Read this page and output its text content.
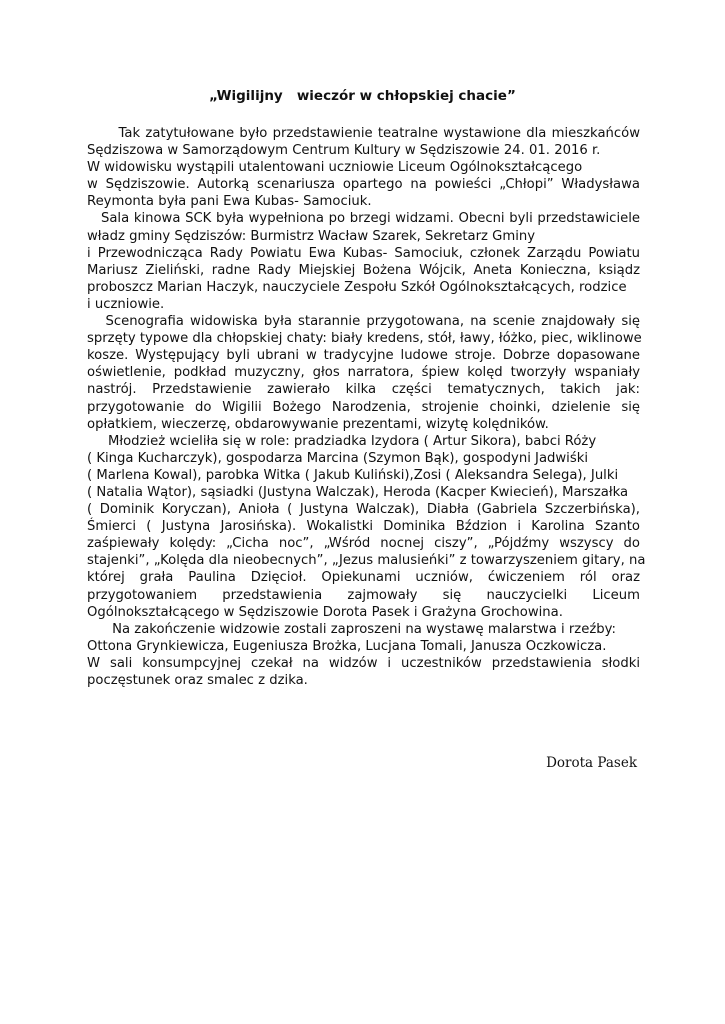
„Wigilijny   wieczór w chłopskiej chacie”
Tak zatytułowane było przedstawienie teatralne wystawione dla mieszkańców
Sędziszowa w Samorządowym Centrum Kultury w Sędziszowie 24. 01. 2016 r.
W widowisku wystąpili utalentowani uczniowie Liceum Ogólnokształcącego
w Sędziszowie. Autorką scenariusza opartego na powieści „Chłopi” Władysława
Reymonta była pani Ewa Kubas- Samociuk.
Sala kinowa SCK była wypełniona po brzegi widzami. Obecni byli przedstawiciele
władz gminy Sędziszów: Burmistrz Wacław Szarek, Sekretarz Gminy
i Przewodnicząca Rady Powiatu Ewa Kubas- Samociuk, członek Zarządu Powiatu
Mariusz Zieliński, radne Rady Miejskiej Bożena Wójcik, Aneta Konieczna, ksiądz
proboszcz Marian Haczyk, nauczyciele Zespołu Szkół Ogólnokształcących, rodzice
i uczniowie.
Scenografia widowiska była starannie przygotowana, na scenie znajdowały się
sprzęty typowe dla chłopskiej chaty: biały kredens, stół, ławy, łóżko, piec, wiklinowe
kosze. Występujący byli ubrani w tradycyjne ludowe stroje. Dobrze dopasowane
oświetlenie, podkład muzyczny, głos narratora, śpiew kolęd tworzyły wspaniały
nastrój. Przedstawienie zawierało kilka części tematycznych, takich jak:
przygotowanie do Wigilii Bożego Narodzenia, strojenie choinki, dzielenie się
opłatkiem, wieczerzę, obdarowywanie prezentami, wizytę kolędników.
Młodzież wcieliła się w role: pradziadka Izydora ( Artur Sikora), babci Róży
( Kinga Kucharczyk), gospodarza Marcina (Szymon Bąk), gospodyni Jadwiśki
( Marlena Kowal), parobka Witka ( Jakub Kuliński),Zosi ( Aleksandra Selega), Julki
( Natalia Wątor), sąsiadki (Justyna Walczak), Heroda (Kacper Kwiecień), Marszałka
( Dominik Koryczan), Anioła ( Justyna Walczak), Diabła (Gabriela Szczerbińska),
Śmierci ( Justyna Jarosińska). Wokalistki Dominika Bździon i Karolina Szanto
zaśpiewały kolędy: „Cicha noc”, „Wśród nocnej ciszy”, „Pójdźmy wszyscy do
stajenki”, „Kolęda dla nieobecnych”, „Jezus malusieńki” z towarzyszeniem gitary, na
której grała Paulina Dzięcioł. Opiekunami uczniów, ćwiczeniem ról oraz
przygotowaniem przedstawienia zajmowały się nauczycielki Liceum
Ogólnokształcącego w Sędziszowie Dorota Pasek i Grażyna Grochowina.
Na zakończenie widzowie zostali zaproszeni na wystawę malarstwa i rzeźby:
Ottona Grynkiewicza, Eugeniusza Brożka, Lucjana Tomali, Janusza Oczkowicza.
W sali konsumpcyjnej czekał na widzów i uczestników przedstawienia słodki
poczęstunek oraz smalec z dzika.

Dorota Pasek
